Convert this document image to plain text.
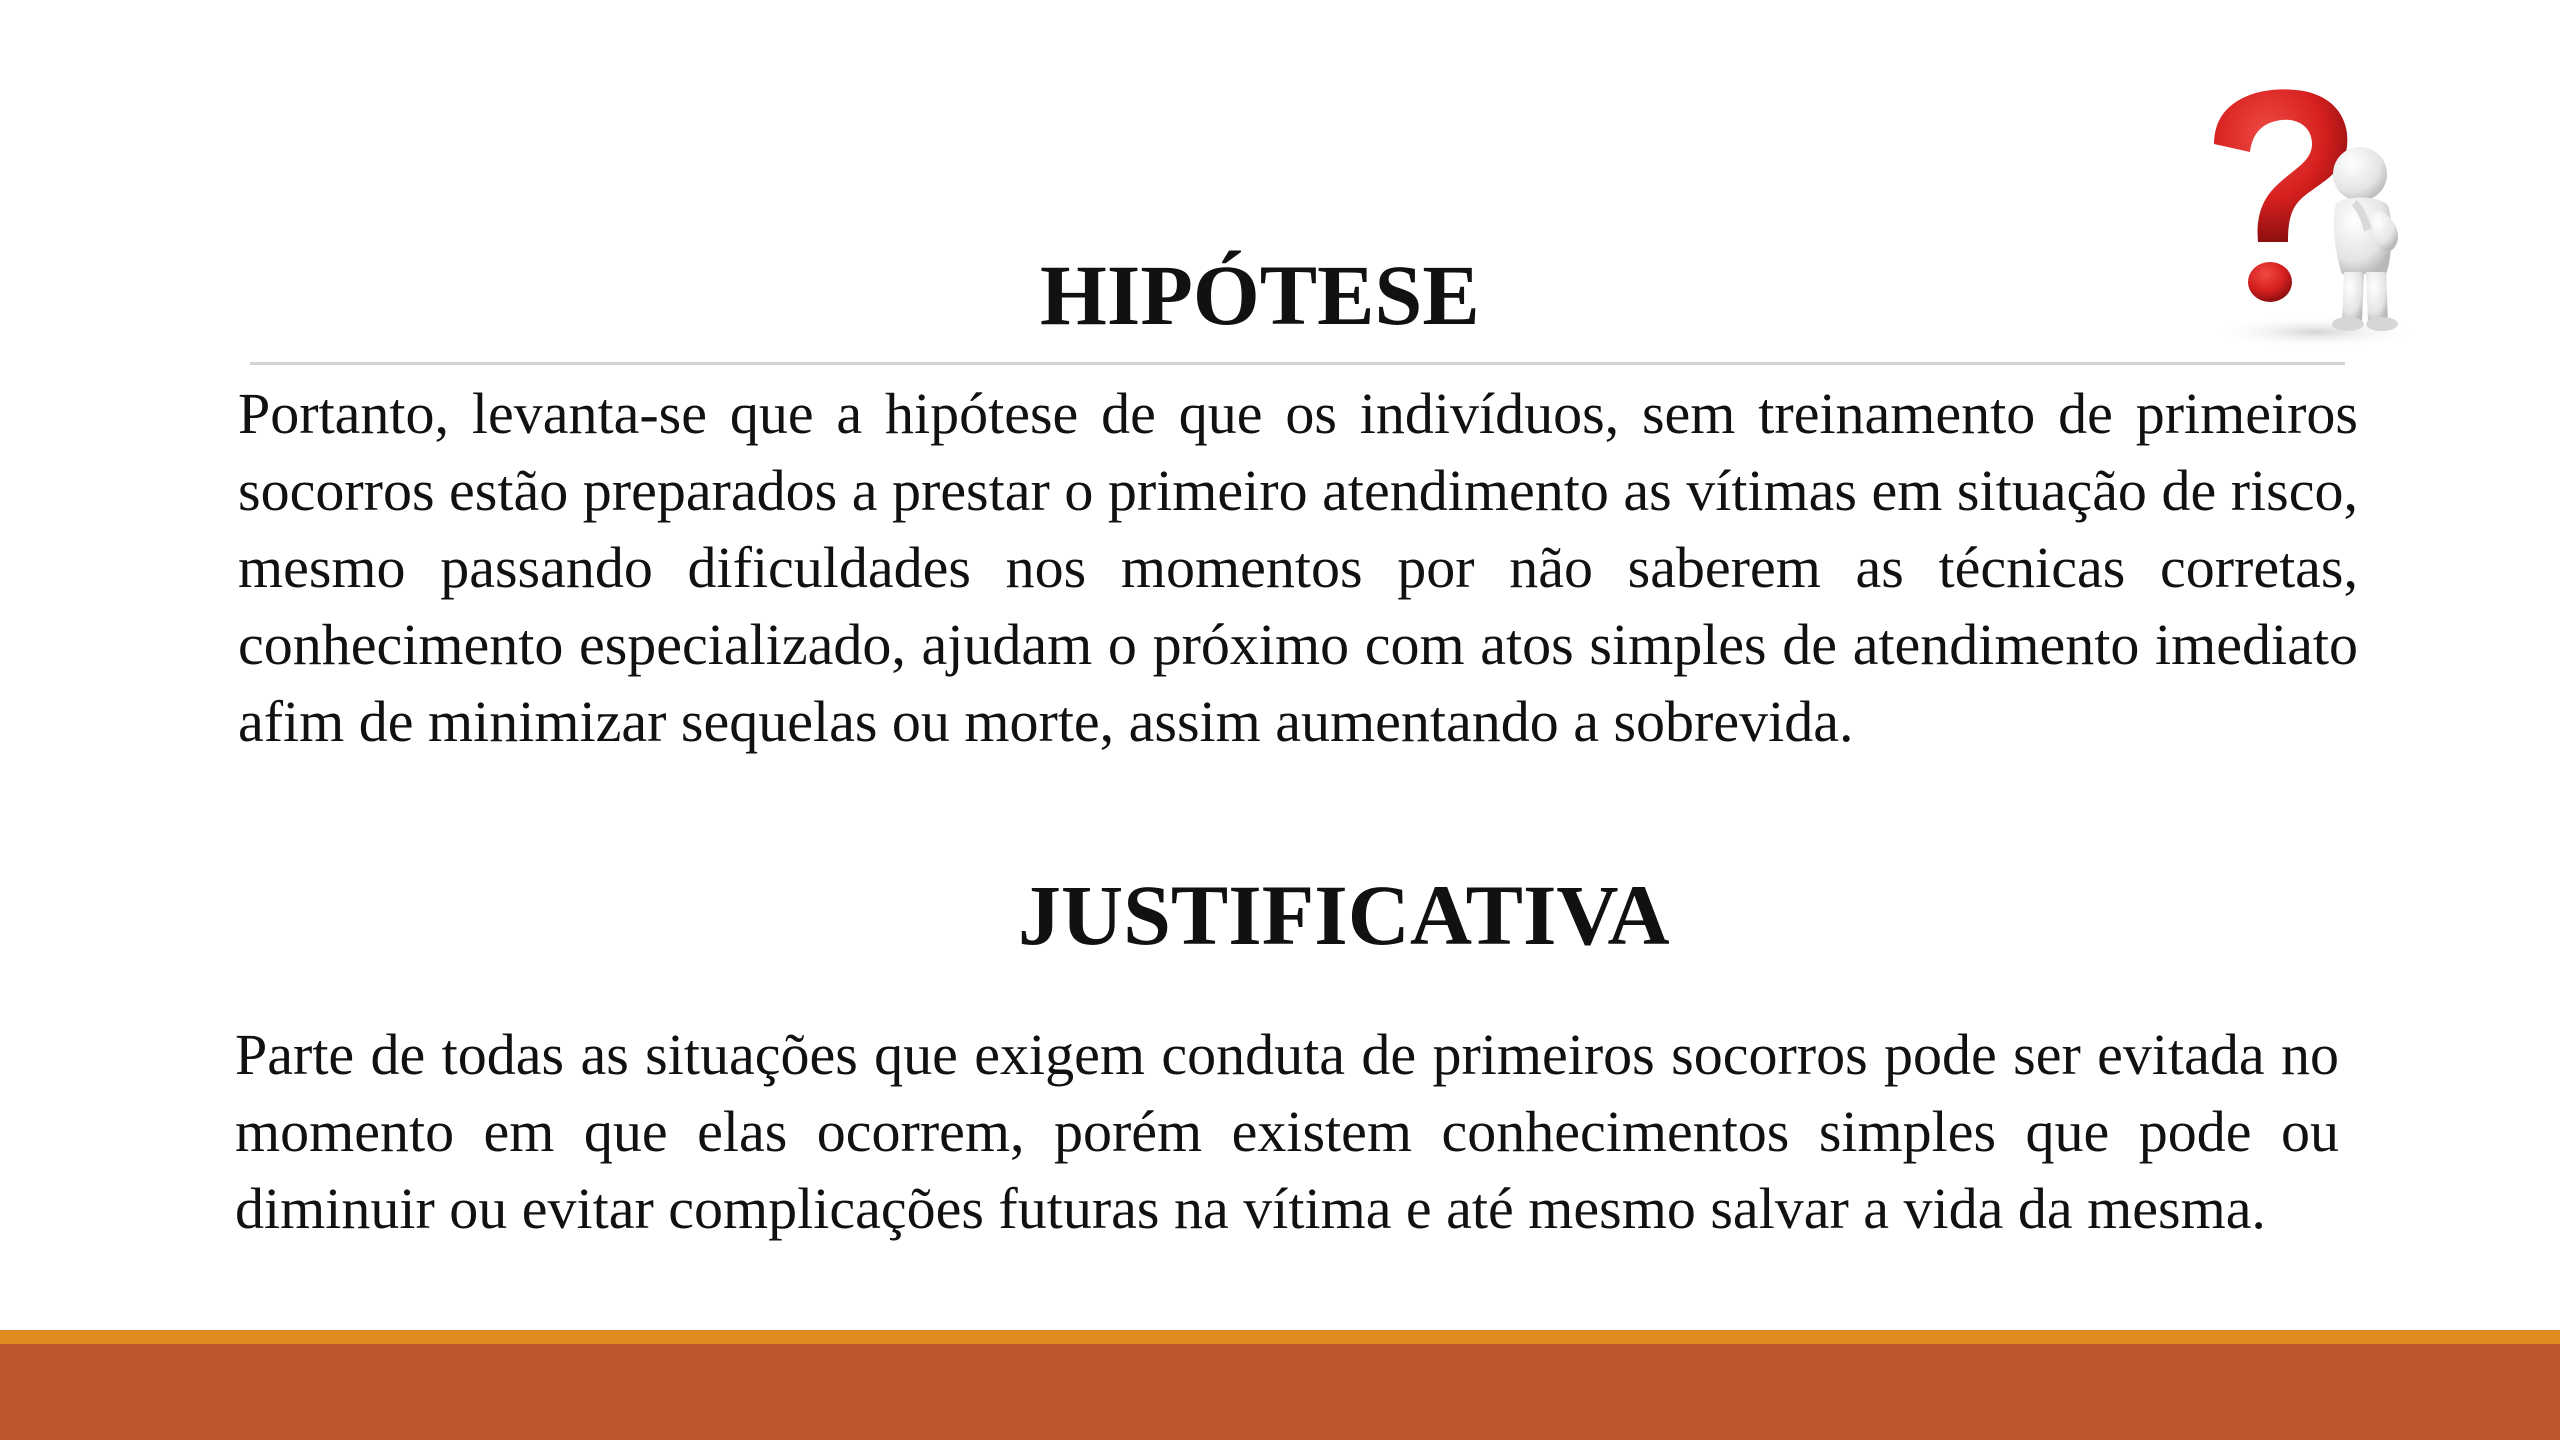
HIPÓTESE

Portanto, levanta-se que a hipótese de que os indivíduos, sem treinamento de primeiros socorros estão preparados a prestar o primeiro atendimento as vítimas em situação de risco, mesmo passando dificuldades nos momentos por não saberem as técnicas corretas, conhecimento especializado, ajudam o próximo com atos simples de atendimento imediato afim de minimizar sequelas ou morte, assim aumentando a sobrevida.

JUSTIFICATIVA

Parte de todas as situações que exigem conduta de primeiros socorros pode ser evitada no momento em que elas ocorrem, porém existem conhecimentos simples que pode ou diminuir ou evitar complicações futuras na vítima e até mesmo salvar a vida da mesma.
